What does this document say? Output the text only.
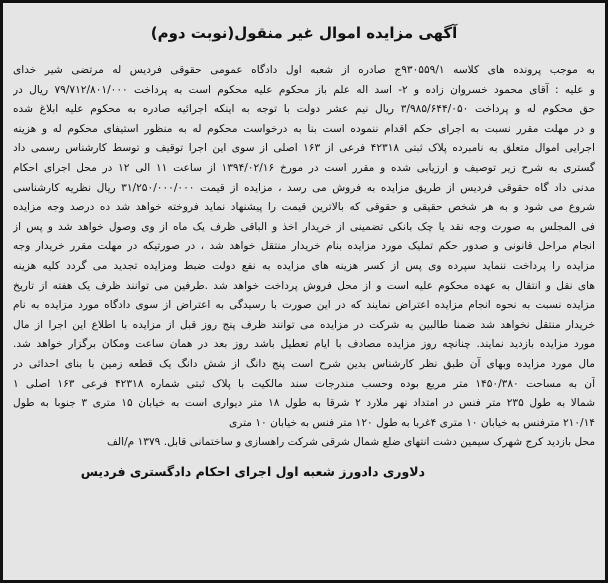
آگهی مزایده اموال غیر منقول(نوبت دوم)
به موجب پرونده های کلاسه ۹۳۰۵۵۹/۱ج صادره از شعبه اول دادگاه عمومی حقوقی فردیس له مرتضی شیر خدای
و علیه : آقای محمود خسروان زاده و ۲- اسد اله علم باز محکوم علیه محکوم است به پرداخت ۷۹/۷۱۲/۸۰۱/۰۰۰ ریال در
حق محکوم له و پرداخت ۳/۹۸۵/۶۴۴/۰۵۰ ریال نیم عشر دولت با توجه به اینکه اجرائیه صادره به محکوم علیه ابلاغ شده
و در مهلت مقرر نسبت به اجرای حکم اقدام ننموده است بنا به درخواست محکوم له به منظور استیفای محکوم له و هزینه
اجرایی اموال متعلق به نامبرده پلاک ثبتی ۴۲۳۱۸ فرعی از ۱۶۳ اصلی از سوی این اجرا توقیف و توسط کارشناس رسمی داد
گستری به شرح زیر توصیف و ارزیابی شده و مقرر است در مورخ ۱۳۹۴/۰۲/۱۶ از ساعت ۱۱ الی ۱۲ در محل اجرای احکام
مدنی داد گاه حقوقی فردیس از طریق مزایده به فروش می رسد ، مزایده از قیمت ۳۱/۲۵۰/۰۰۰/۰۰۰ ریال نظریه کارشناسی
شروع می شود و به هر شخص حقیقی و حقوقی که بالاترین قیمت را پیشنهاد نماید فروخته خواهد شد ده درصد وجه مزایده
فی المجلس به صورت وجه نقد یا چک بانکی تضمینی از خریدار اخذ و الباقی ظرف یک ماه از وی وصول خواهد شد و پس از
انجام مراحل قانونی و صدور حکم تملیک مورد مزایده بنام خریدار منتقل خواهد شد ، در صورتیکه در مهلت مقرر خریدار وجه
مزایده را پرداخت ننماید سپرده وی پس از کسر هزینه های مزایده به نفع دولت ضبط ومزایده تجدید می گردد کلیه هزینه
های نقل و انتقال به عهده محکوم علیه است و از محل فروش پرداخت خواهد شد .طرفین می توانند ظرف یک هفته از تاریخ
مزایده نسبت به نحوه انجام مزایده اعتراض نمایند که در این صورت با رسیدگی به اعتراض از سوی دادگاه مورد مزایده به نام
خریدار منتقل نخواهد شد ضمنا طالبین به شرکت در مزایده می توانند ظرف پنج روز قبل از مزایده با اطلاع این اجرا از مال
مورد مزایده بازدید نمایند. چنانچه روز مزایده مصادف با ایام تعطیل باشد روز بعد در همان ساعت ومکان برگزار خواهد شد.
مال مورد مزایده وبهای آن طبق نظر کارشناس بدین شرح است پنج دانگ از شش دانگ یک قطعه زمین با بنای احداثی در
آن به مساحت ۱۴۵۰/۳۸۰ متر مربع بوده وحسب مندرجات سند مالکیت با پلاک ثبتی شماره ۴۲۳۱۸ فرعی ۱۶۳ اصلی ۱
شمالا به طول ۲۳۵ متر فنس در امتداد نهر ملارد ۲ شرقا به طول ۱۸ متر دیواری است به خیابان ۱۵ متری ۳ جنوبا به طول
۲۱۰/۱۴ مترفنس به خیابان ۱۰ متری ۴غربا به طول ۱۲۰ متر فنس به خیابان ۱۰ متری
محل بازدید کرج شهرک سیمین دشت انتهای ضلع شمال شرقی شرکت راهسازی و ساختمانی قابل. ۱۳۷۹ م/الف
دلاوری دادورز شعبه اول اجرای احکام دادگستری فردیس
